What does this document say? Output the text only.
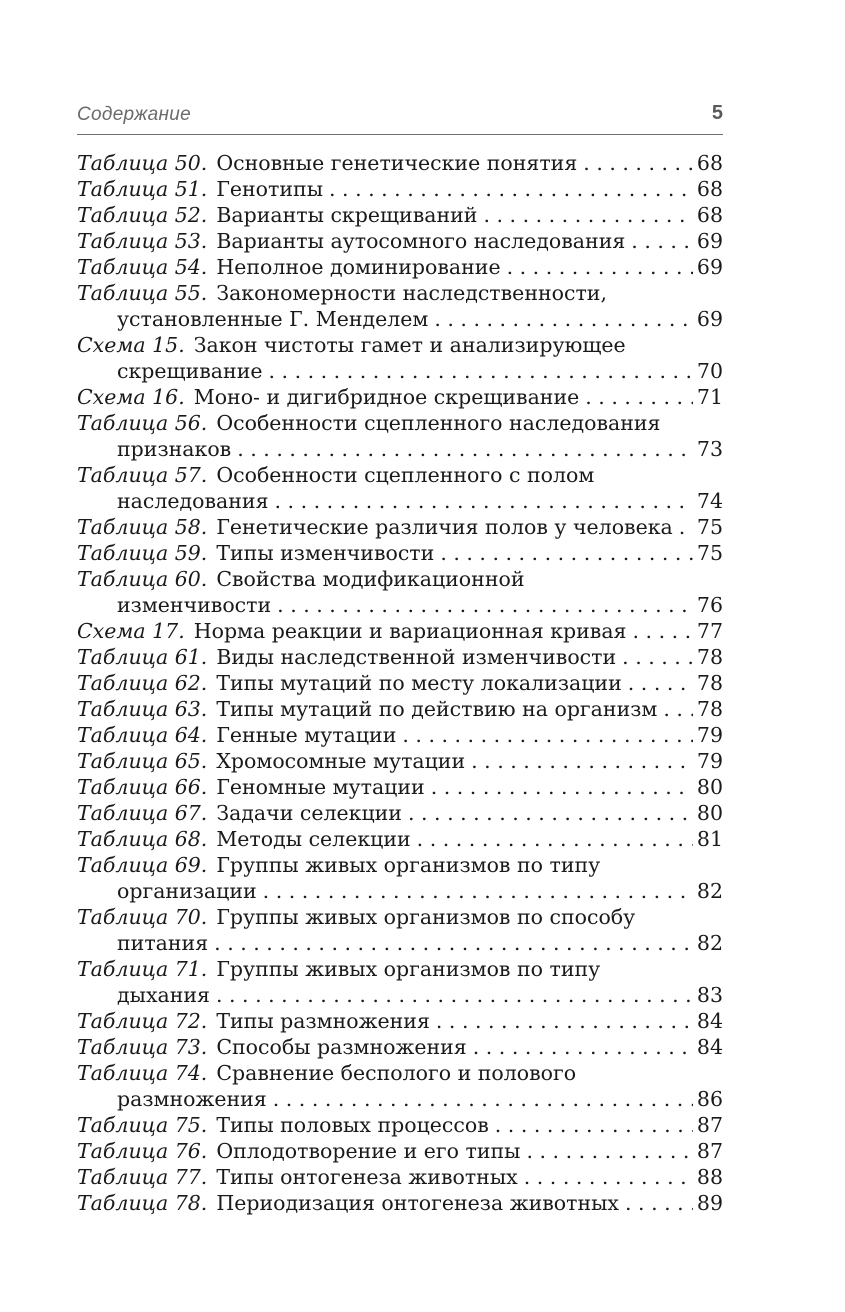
Содержание	5
Таблица 50. Основные генетические понятия . . .	68
Таблица 51. Генотипы . . .	68
Таблица 52. Варианты скрещиваний . . .	68
Таблица 53. Варианты аутосомного наследования . . .	69
Таблица 54. Неполное доминирование . . .	69
Таблица 55. Закономерности наследственности,
установленные Г. Менделем . . .	69
Схема 15. Закон чистоты гамет и анализирующее
скрещивание . . .	70
Схема 16. Моно- и дигибридное скрещивание . . .	71
Таблица 56. Особенности сцепленного наследования
признаков . . .	73
Таблица 57. Особенности сцепленного с полом
наследования . . .	74
Таблица 58. Генетические различия полов у человека . . . 75
Таблица 59. Типы изменчивости . . .	75
Таблица 60. Свойства модификационной
изменчивости . . .	76
Схема 17. Норма реакции и вариационная кривая . . .	77
Таблица 61. Виды наследственной изменчивости . . .	78
Таблица 62. Типы мутаций по месту локализации . . .	78
Таблица 63. Типы мутаций по действию на организм . . . 78
Таблица 64. Генные мутации . . .	79
Таблица 65. Хромосомные мутации . . .	79
Таблица 66. Геномные мутации . . .	80
Таблица 67. Задачи селекции . . .	80
Таблица 68. Методы селекции . . .	81
Таблица 69. Группы живых организмов по типу
организации . . .	82
Таблица 70. Группы живых организмов по способу
питания . . .	82
Таблица 71. Группы живых организмов по типу
дыхания . . .	83
Таблица 72. Типы размножения . . .	84
Таблица 73. Способы размножения . . .	84
Таблица 74. Сравнение бесполого и полового
размножения . . .	86
Таблица 75. Типы половых процессов . . .	87
Таблица 76. Оплодотворение и его типы . . .	87
Таблица 77. Типы онтогенеза животных . . .	88
Таблица 78. Периодизация онтогенеза животных . . .	89
